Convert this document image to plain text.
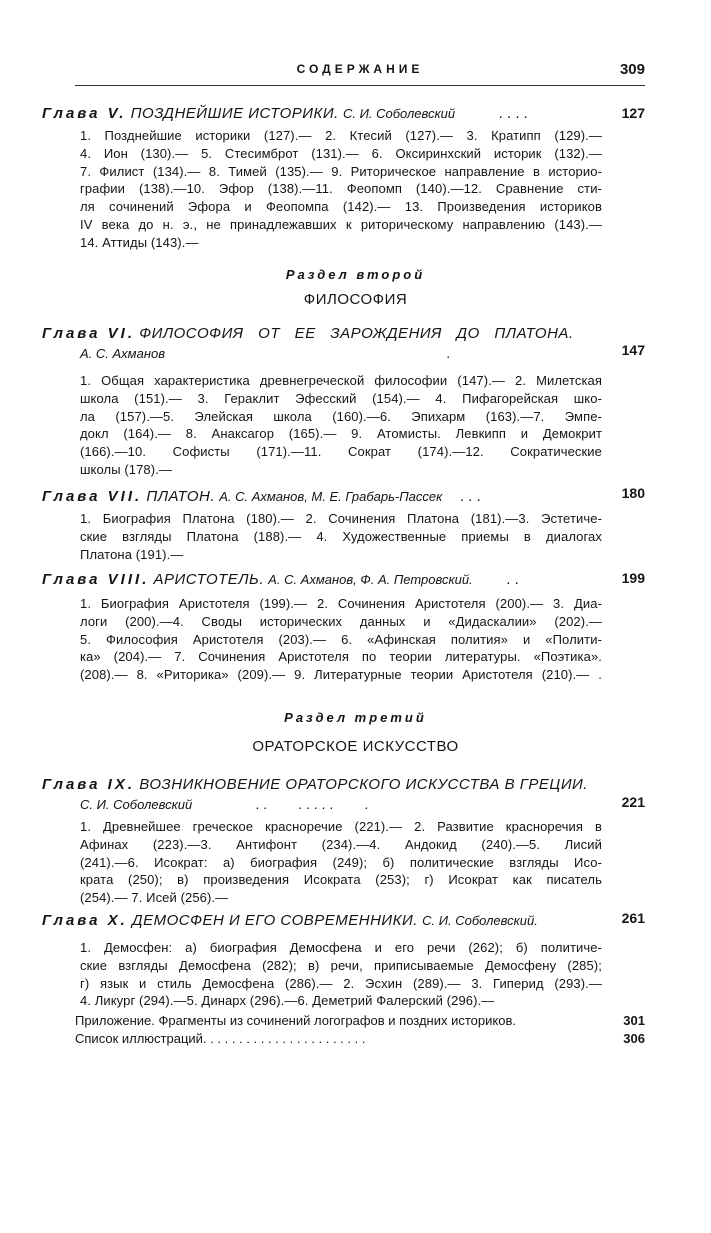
СОДЕРЖАНИЕ	309
Глава V. ПОЗДНЕЙШИЕ ИСТОРИКИ. С. И. Соболевский	. . . .	127
1. Позднейшие историки (127).— 2. Ктесий (127).— 3. Кратипп (129).—
4. Ион (130).— 5. Стесимброт (131).— 6. Оксиринхский историк (132).—
7. Филист (134).— 8. Тимей (135).— 9. Риторическое направление в историо-
графии (138).—10. Эфор (138).—11. Феопомп (140).—12. Сравнение сти-
ля сочинений Эфора и Феопомпа (142).— 13. Произведения историков
IV века до н. э., не принадлежавших к риторическому направлению (143).—
14. Аттиды (143).—
Раздел второй
ФИЛОСОФИЯ
Глава VI. ФИЛОСОФИЯ ОТ ЕЕ ЗАРОЖДЕНИЯ ДО ПЛАТОНА.
А. С. Ахманов	.	147
1. Общая характеристика древнегреческой философии (147).— 2. Милетская
школа (151).— 3. Гераклит Эфесский (154).— 4. Пифагорейская шко-
ла (157).—5. Элейская школа (160).—6. Эпихарм (163).—7. Эмпе-
докл (164).— 8. Анаксагор (165).— 9. Атомисты. Левкипп и Демокрит
(166).—10. Софисты (171).—11. Сократ (174).—12. Сократические
школы (178).—
Глава VII. ПЛАТОН. А. С. Ахманов, М. Е. Грабарь-Пассек . . .	180
1. Биография Платона (180).— 2. Сочинения Платона (181).—3. Эстетиче-
ские взгляды Платона (188).— 4. Художественные приемы в диалогах
Платона (191).—
Глава VIII. АРИСТОТЕЛЬ. А. С. Ахманов, Ф. А. Петровский. . .	199
1. Биография Аристотеля (199).— 2. Сочинения Аристотеля (200).— 3. Диа-
логи (200).—4. Своды исторических данных и «Дидаскалии» (202).—
5. Философия Аристотеля (203).— 6. «Афинская полития» и «Полити-
ка» (204).— 7. Сочинения Аристотеля по теории литературы. «Поэтика».
(208).— 8. «Риторика» (209).— 9. Литературные теории Аристотеля (210).— .
Раздел третий
ОРАТОРСКОЕ ИСКУССТВО
Глава IX. ВОЗНИКНОВЕНИЕ ОРАТОРСКОГО ИСКУССТВА В ГРЕЦИИ.
С. И. Соболевский	. .        . . . . .        .	221
1. Древнейшее греческое красноречие (221).— 2. Развитие красноречия в
Афинах (223).—3. Антифонт (234).—4. Андокид (240).—5. Лисий
(241).—6. Исократ: а) биография (249); б) политические взгляды Исо-
крата (250); в) произведения Исократа (253); г) Исократ как писатель
(254).— 7. Исей (256).—
Глава X. ДЕМОСФЕН И ЕГО СОВРЕМЕННИКИ. С. И. Соболевский.	261
1. Демосфен: а) биография Демосфена и его речи (262); б) политиче-
ские взгляды Демосфена (282); в) речи, приписываемые Демосфену (285);
г) язык и стиль Демосфена (286).— 2. Эсхин (289).— 3. Гиперид (293).—
4. Ликург (294).—5. Динарх (296).—6. Деметрий Фалерский (296).—
Приложение. Фрагменты из сочинений логографов и поздних историков.	301
Список иллюстраций. . . . . . . . . . . . . . . . . . . . . . .	306
